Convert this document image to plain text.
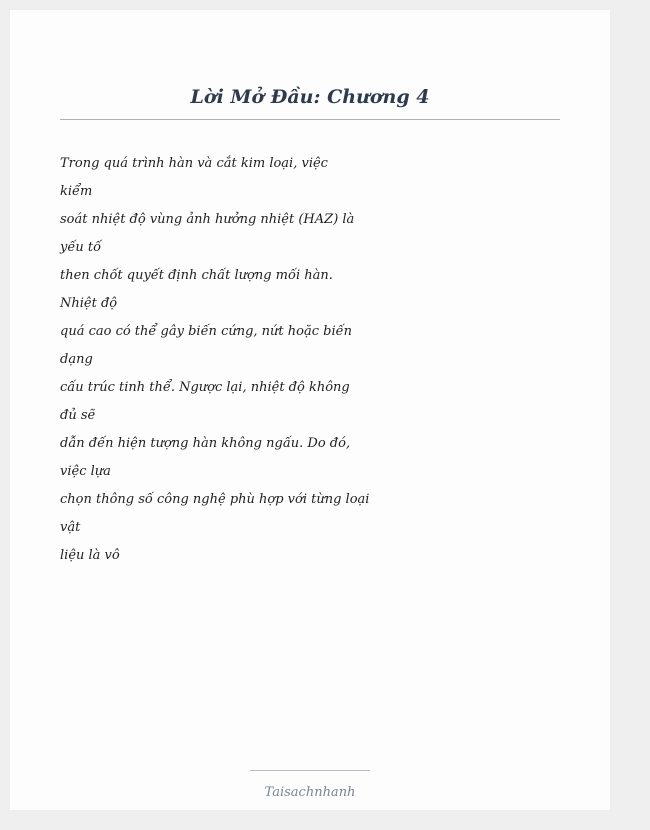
Lời Mở Đầu: Chương 4
Trong quá trình hàn và cắt kim loại, việc
kiểm
soát nhiệt độ vùng ảnh hưởng nhiệt (HAZ) là
yếu tố
then chốt quyết định chất lượng mối hàn.
Nhiệt độ
quá cao có thể gây biến cứng, nứt hoặc biến
dạng
cấu trúc tinh thể. Ngược lại, nhiệt độ không
đủ sẽ
dẫn đến hiện tượng hàn không ngấu. Do đó,
việc lựa
chọn thông số công nghệ phù hợp với từng loại
vật
liệu là vô
Taisachnhanh
